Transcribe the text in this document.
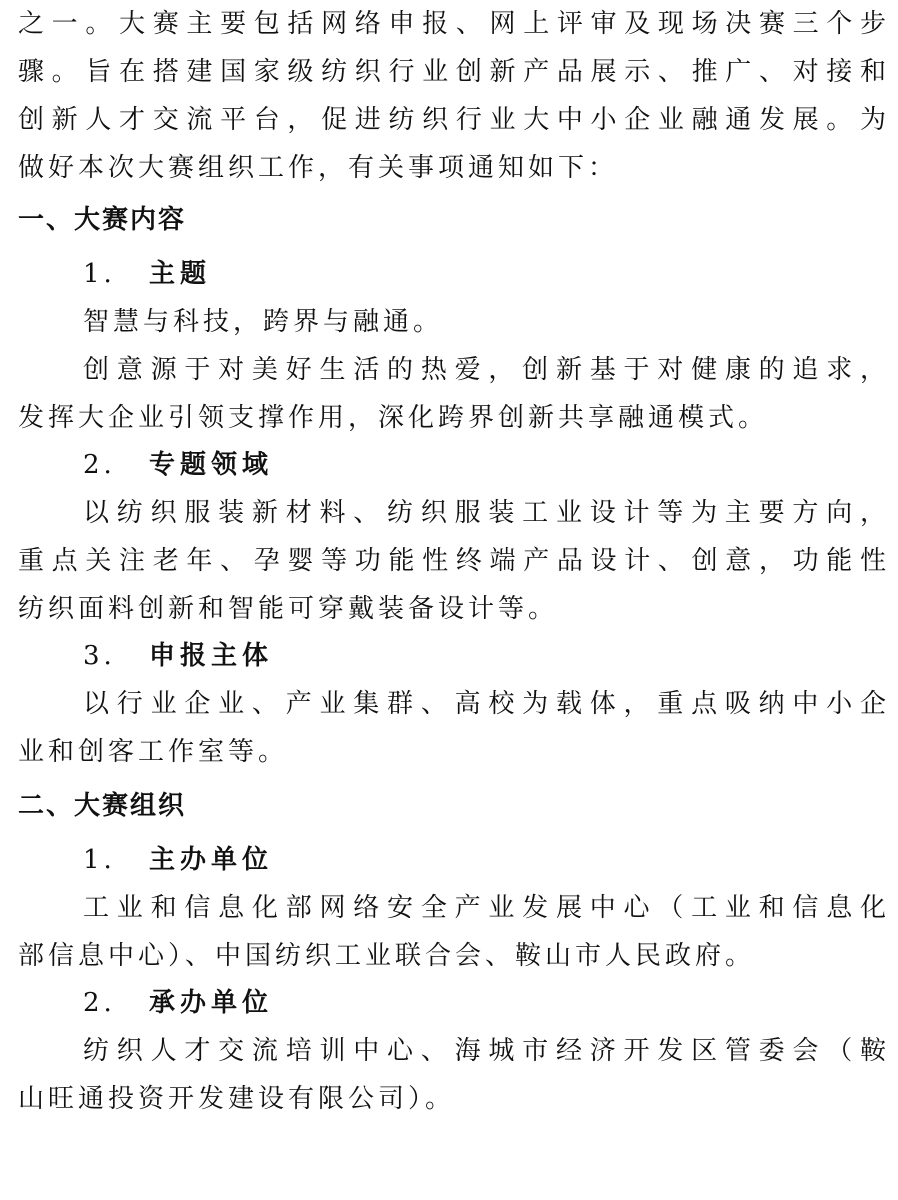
之一。大赛主要包括网络申报、网上评审及现场决赛三个步
骤。旨在搭建国家级纺织行业创新产品展示、推广、对接和
创新人才交流平台，促进纺织行业大中小企业融通发展。为
做好本次大赛组织工作，有关事项通知如下：
一、大赛内容
1. 主题
智慧与科技，跨界与融通。
创意源于对美好生活的热爱，创新基于对健康的追求，
发挥大企业引领支撑作用，深化跨界创新共享融通模式。
2. 专题领域
以纺织服装新材料、纺织服装工业设计等为主要方向，
重点关注老年、孕婴等功能性终端产品设计、创意，功能性
纺织面料创新和智能可穿戴装备设计等。
3. 申报主体
以行业企业、产业集群、高校为载体，重点吸纳中小企
业和创客工作室等。
二、大赛组织
1. 主办单位
工业和信息化部网络安全产业发展中心（工业和信息化
部信息中心）、中国纺织工业联合会、鞍山市人民政府。
2. 承办单位
纺织人才交流培训中心、海城市经济开发区管委会（鞍
山旺通投资开发建设有限公司）。
